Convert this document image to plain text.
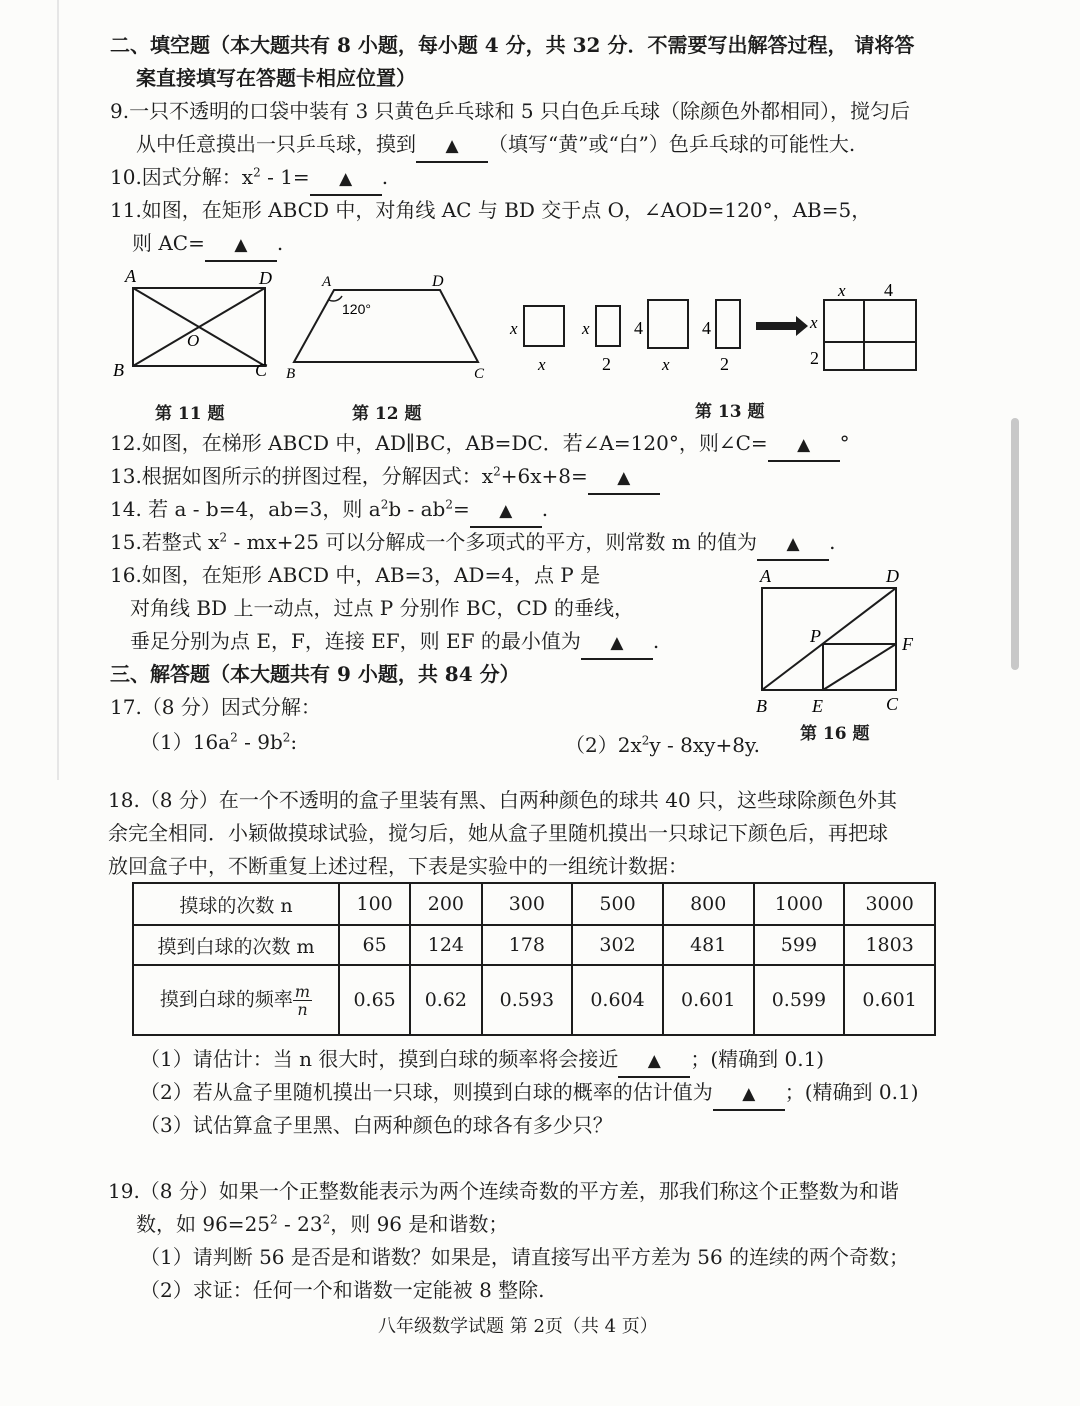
二、填空题（本大题共有 8 小题，每小题 4 分，共 32 分．不需要写出解答过程， 请将答
案直接填写在答题卡相应位置）
9.一只不透明的口袋中装有 3 只黄色乒乓球和 5 只白色乒乓球（除颜色外都相同），搅匀后
从中任意摸出一只乒乓球，摸到 ▲ （填写“黄”或“白”）色乒乓球的可能性大.
10.因式分解：$x^2 - 1=$ ▲ .
11.如图，在矩形 ABCD 中，对角线 AC 与 BD 交于点 O，∠AOD=120°，AB=5，
则 AC= ▲ .
A	D
B	C
O
第 11 题
A	D
B	C
120°
第 12 题
x
x
x
2
4
x
4
2
x 4
x
2
第 13 题
12.如图，在梯形 ABCD 中，AD∥BC，AB=DC．若∠A=120°，则∠C= ▲ °
13.根据如图所示的拼图过程，分解因式：$x^2+6x+8=$ ▲
14. 若 a - b=4，ab=3，则 $a^2b - ab^2=$ ▲ .
15.若整式 $x^2 - mx+25$ 可以分解成一个多项式的平方，则常数 m 的值为 ▲ .
16.如图，在矩形 ABCD 中，AB=3，AD=4，点 P 是
对角线 BD 上一动点，过点 P 分别作 BC，CD 的垂线，
垂足分别为点 E，F，连接 EF，则 EF 的最小值为 ▲ .
A	D
B	C
E
F
P
第 16 题
三、解答题（本大题共有 9 小题，共 84 分）
17.（8 分）因式分解：
$(1)16a^2 - 9b^2$:	$(2)2x^2y - 8xy+8y$.
18.（8 分）在一个不透明的盒子里装有黑、白两种颜色的球共 40 只，这些球除颜色外其
余完全相同．小颖做摸球试验，搅匀后，她从盒子里随机摸出一只球记下颜色后，再把球
放回盒子中，不断重复上述过程，下表是实验中的一组统计数据：
摸球的次数 n	100	200	300	500	800	1000	3000
摸到白球的次数 m	65	124	178	302	481	599	1803
摸到白球的频率 $\frac{m}{n}$	0.65	0.62	0.593	0.604	0.601	0.599	0.601
（1）请估计：当 n 很大时，摸到白球的频率将会接近 ▲ ；(精确到 0.1)
（2）若从盒子里随机摸出一只球，则摸到白球的概率的估计值为 ▲ ；(精确到 0.1)
（3）试估算盒子里黑、白两种颜色的球各有多少只？
19.（8 分）如果一个正整数能表示为两个连续奇数的平方差，那我们称这个正整数为和谐
数，如 $96=25^2 - 23^2$，则 96 是和谐数；
（1）请判断 56 是否是和谐数？如果是，请直接写出平方差为 56 的连续的两个奇数；
（2）求证：任何一个和谐数一定能被 8 整除.
八年级数学试题 第 2页（共 4 页）
